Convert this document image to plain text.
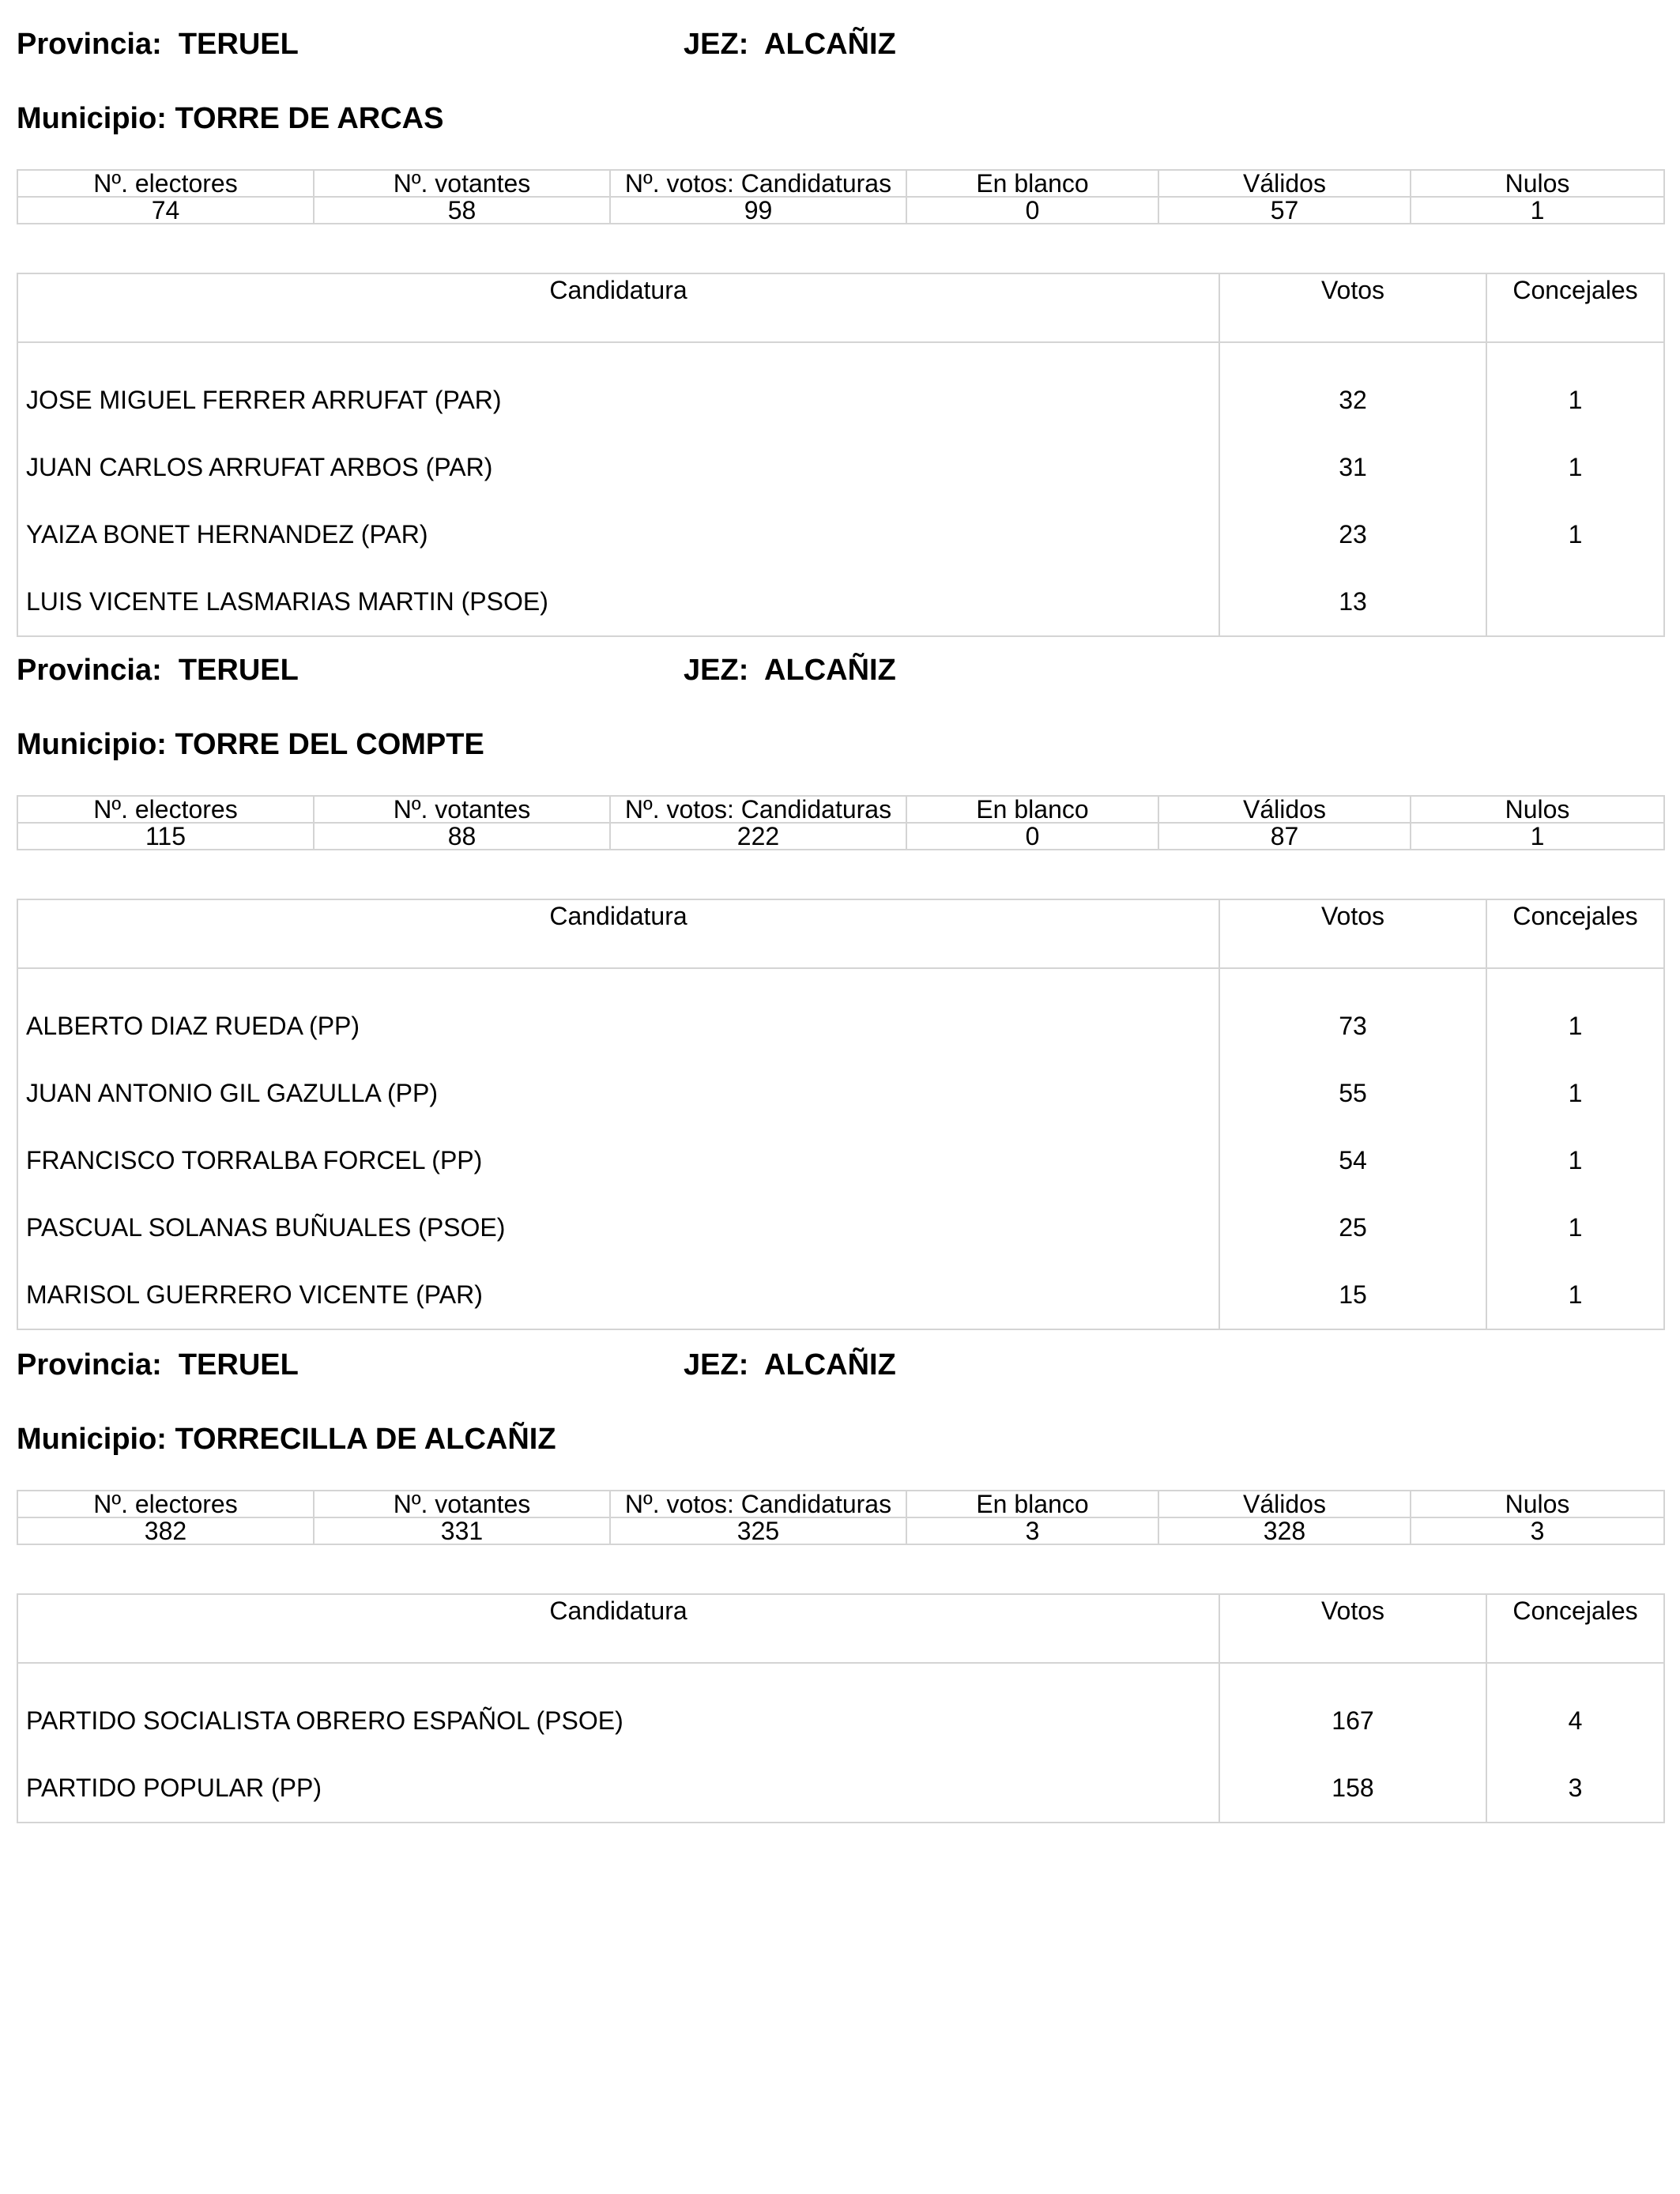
Provincia:  TERUEL	JEZ:  ALCAÑIZ
Municipio: TORRE DE ARCAS
Nº. electores	Nº. votantes	Nº. votos: Candidaturas	En blanco	Válidos	Nulos
74	58	99	0	57	1
Candidatura	Votos	Concejales
JOSE MIGUEL FERRER ARRUFAT (PAR)	32	1
JUAN CARLOS ARRUFAT ARBOS (PAR)	31	1
YAIZA BONET HERNANDEZ (PAR)	23	1
LUIS VICENTE LASMARIAS MARTIN (PSOE)	13	
Provincia:  TERUEL	JEZ:  ALCAÑIZ
Municipio: TORRE DEL COMPTE
Nº. electores	Nº. votantes	Nº. votos: Candidaturas	En blanco	Válidos	Nulos
115	88	222	0	87	1
Candidatura	Votos	Concejales
ALBERTO DIAZ RUEDA (PP)	73	1
JUAN ANTONIO GIL GAZULLA (PP)	55	1
FRANCISCO TORRALBA FORCEL (PP)	54	1
PASCUAL SOLANAS BUÑUALES (PSOE)	25	1
MARISOL GUERRERO VICENTE (PAR)	15	1
Provincia:  TERUEL	JEZ:  ALCAÑIZ
Municipio: TORRECILLA DE ALCAÑIZ
Nº. electores	Nº. votantes	Nº. votos: Candidaturas	En blanco	Válidos	Nulos
382	331	325	3	328	3
Candidatura	Votos	Concejales
PARTIDO SOCIALISTA OBRERO ESPAÑOL (PSOE)	167	4
PARTIDO POPULAR (PP)	158	3
